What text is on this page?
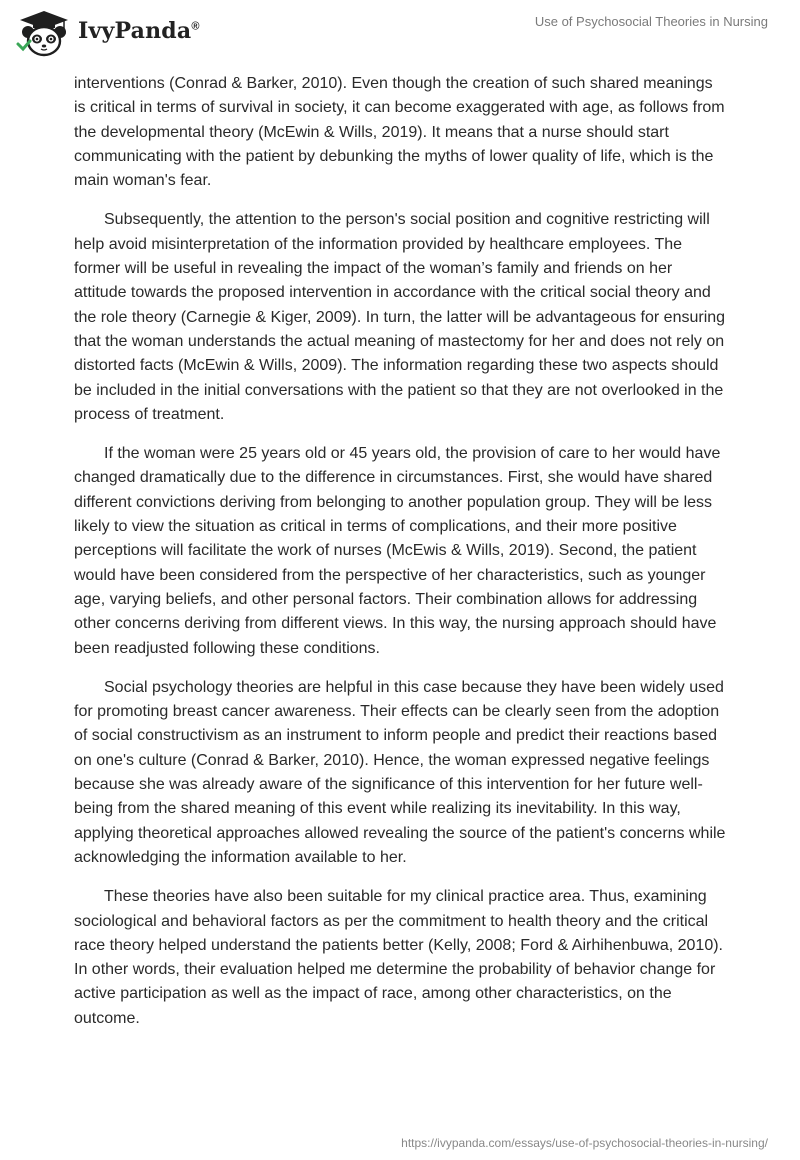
IvyPanda®	Use of Psychosocial Theories in Nursing

interventions (Conrad & Barker, 2010). Even though the creation of such shared meanings is critical in terms of survival in society, it can become exaggerated with age, as follows from the developmental theory (McEwin & Wills, 2019). It means that a nurse should start communicating with the patient by debunking the myths of lower quality of life, which is the main woman's fear.

Subsequently, the attention to the person's social position and cognitive restricting will help avoid misinterpretation of the information provided by healthcare employees. The former will be useful in revealing the impact of the woman’s family and friends on her attitude towards the proposed intervention in accordance with the critical social theory and the role theory (Carnegie & Kiger, 2009). In turn, the latter will be advantageous for ensuring that the woman understands the actual meaning of mastectomy for her and does not rely on distorted facts (McEwin & Wills, 2009). The information regarding these two aspects should be included in the initial conversations with the patient so that they are not overlooked in the process of treatment.

If the woman were 25 years old or 45 years old, the provision of care to her would have changed dramatically due to the difference in circumstances. First, she would have shared different convictions deriving from belonging to another population group. They will be less likely to view the situation as critical in terms of complications, and their more positive perceptions will facilitate the work of nurses (McEwis & Wills, 2019). Second, the patient would have been considered from the perspective of her characteristics, such as younger age, varying beliefs, and other personal factors. Their combination allows for addressing other concerns deriving from different views. In this way, the nursing approach should have been readjusted following these conditions.

Social psychology theories are helpful in this case because they have been widely used for promoting breast cancer awareness. Their effects can be clearly seen from the adoption of social constructivism as an instrument to inform people and predict their reactions based on one's culture (Conrad & Barker, 2010). Hence, the woman expressed negative feelings because she was already aware of the significance of this intervention for her future well-being from the shared meaning of this event while realizing its inevitability. In this way, applying theoretical approaches allowed revealing the source of the patient's concerns while acknowledging the information available to her.

These theories have also been suitable for my clinical practice area. Thus, examining sociological and behavioral factors as per the commitment to health theory and the critical race theory helped understand the patients better (Kelly, 2008; Ford & Airhihenbuwa, 2010). In other words, their evaluation helped me determine the probability of behavior change for active participation as well as the impact of race, among other characteristics, on the outcome.

https://ivypanda.com/essays/use-of-psychosocial-theories-in-nursing/
